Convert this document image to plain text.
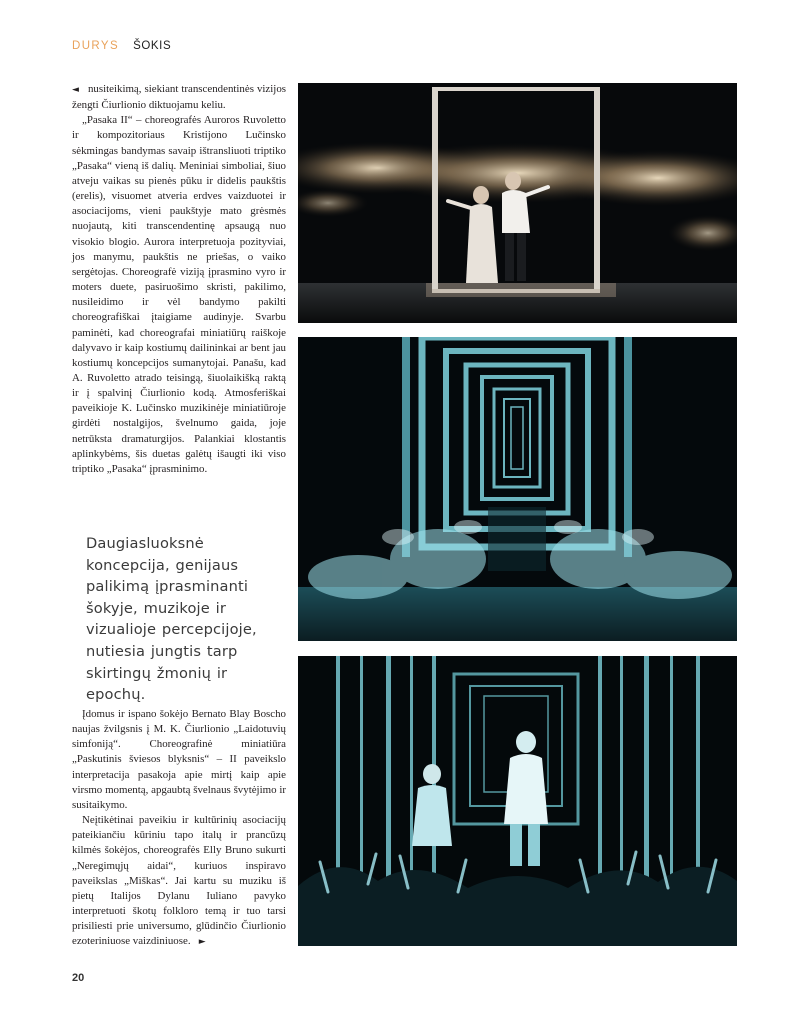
DURYS ŠOKIS

◄ nusiteikimą, siekiant transcendentinės vizijos žengti Čiurlionio diktuojamu keliu.

„Pasaka II“ – choreografės Auroros Ruvoletto ir kompozitoriaus Kristijono Lučinsko sėkmingas bandymas savaip ištransliuoti triptiko „Pasaka“ vieną iš dalių. Meniniai simboliai, šiuo atveju vaikas su pienės pūku ir didelis paukštis (erelis), visuomet atveria erdves vaizduotei ir asociacijoms, vieni paukštyje mato grėsmės nuojautą, kiti transcendentinę apsaugą nuo visokio blogio. Aurora interpretuoja pozityviai, jos manymu, paukštis ne priešas, o vaiko sergėtojas. Choreografė viziją įprasmino vyro ir moters duete, pasiruošimo skristi, pakilimo, nusileidimo ir vėl bandymo pakilti choreografiškai įtaigiame audinyje. Svarbu paminėti, kad choreografai miniatiūrų raiškoje dalyvavo ir kaip kostiumų dailininkai ar bent jau kostiumų koncepcijos sumanytojai. Panašu, kad A. Ruvoletto atrado teisingą, šiuolaikišką raktą ir į spalvinį Čiurlionio kodą. Atmosferiškai paveikioje K. Lučinsko muzikinėje miniatiūroje girdėti nostalgijos, švelnumo gaida, joje netrūksta dramaturgijos. Palankiai klostantis aplinkybėms, šis duetas galėtų išaugti iki viso triptiko „Pasaka“ įprasminimo.

Daugiasluoksnė koncepcija, genijaus palikimą įprasminanti šokyje, muzikoje ir vizualioje percepcijoje, nutiesia jungtis tarp skirtingų žmonių ir epochų.

Įdomus ir ispano šokėjo Bernato Blay Boscho naujas žvilgsnis į M. K. Čiurlionio „Laidotuvių simfoniją“. Choreografinė miniatiūra „Paskutinis šviesos blyksnis“ – II paveikslo interpretacija pasakoja apie mirtį kaip apie virsmo momentą, apgaubtą švelnaus švytėjimo ir susitaikymo.

Neįtikėtinai paveikiu ir kultūrinių asociacijų pateikiančiu kūriniu tapo italų ir prancūzų kilmės šokėjos, choreografės Elly Bruno sukurti „Neregimųjų aidai“, kuriuos inspiravo paveikslas „Miškas“. Jai kartu su muziku iš pietų Italijos Dylanu Iuliano pavyko interpretuoti škotų folkloro temą ir tuo tarsi prisiliesti prie universumo, glūdinčio Čiurlionio ezoteriniuose vaizdiniuose. ►

20
